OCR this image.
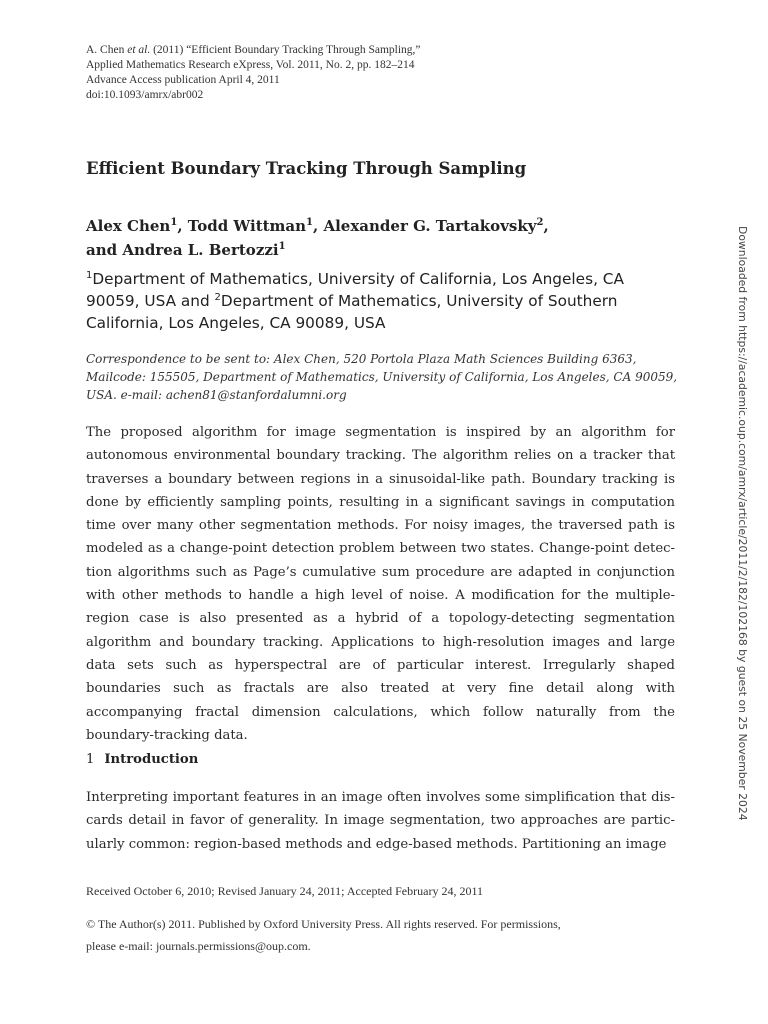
A. Chen et al. (2011) “Efficient Boundary Tracking Through Sampling,”
Applied Mathematics Research eXpress, Vol. 2011, No. 2, pp. 182–214
Advance Access publication April 4, 2011
doi:10.1093/amrx/abr002
Efficient Boundary Tracking Through Sampling
Alex Chen$^1$, Todd Wittman$^1$, Alexander G. Tartakovsky$^2$,
and Andrea L. Bertozzi$^1$
$^1$Department of Mathematics, University of California, Los Angeles, CA 90059, USA and $^2$Department of Mathematics, University of Southern California, Los Angeles, CA 90089, USA
Correspondence to be sent to: Alex Chen, 520 Portola Plaza Math Sciences Building 6363, Mailcode: 155505, Department of Mathematics, University of California, Los Angeles, CA 90059, USA. e-mail: achen81@stanfordalumni.org

The proposed algorithm for image segmentation is inspired by an algorithm for autonomous environmental boundary tracking. The algorithm relies on a tracker that traverses a boundary between regions in a sinusoidal-like path. Boundary tracking is done by efficiently sampling points, resulting in a significant savings in computation time over many other segmentation methods. For noisy images, the traversed path is modeled as a change-point detection problem between two states. Change-point detection algorithms such as Page’s cumulative sum procedure are adapted in conjunction with other methods to handle a high level of noise. A modification for the multiple-region case is also presented as a hybrid of a topology-detecting segmentation algorithm and boundary tracking. Applications to high-resolution images and large data sets such as hyperspectral are of particular interest. Irregularly shaped boundaries such as fractals are also treated at very fine detail along with accompanying fractal dimension calculations, which follow naturally from the boundary-tracking data.

1 Introduction

Interpreting important features in an image often involves some simplification that discards detail in favor of generality. In image segmentation, two approaches are particularly common: region-based methods and edge-based methods. Partitioning an image

Received October 6, 2010; Revised January 24, 2011; Accepted February 24, 2011
© The Author(s) 2011. Published by Oxford University Press. All rights reserved. For permissions,
please e-mail: journals.permissions@oup.com.
Downloaded from https://academic.oup.com/amrx/article/2011/2/182/102168 by guest on 25 November 2024
